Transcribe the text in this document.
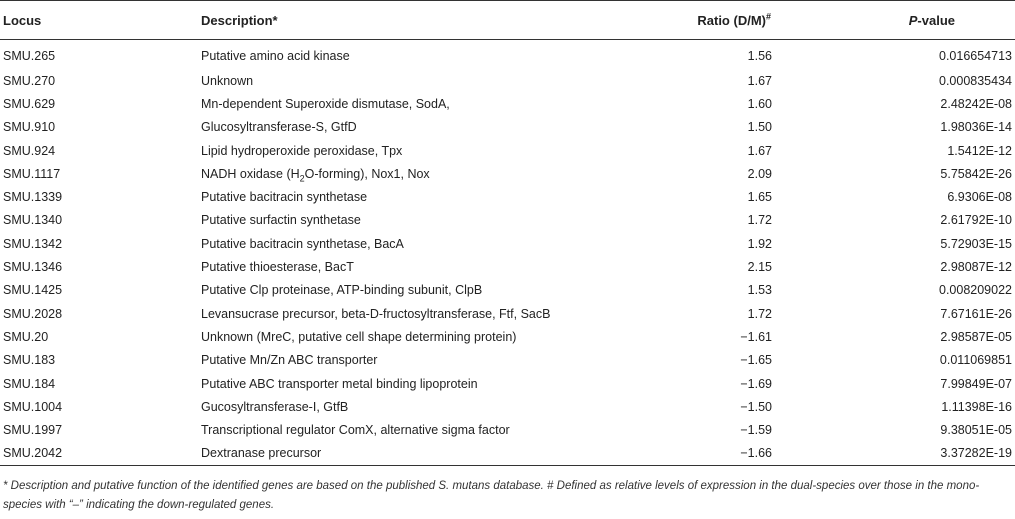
Locus	Description*	Ratio (D/M)#	P-value
SMU.265	Putative amino acid kinase	1.56	0.016654713
SMU.270	Unknown	1.67	0.000835434
SMU.629	Mn-dependent Superoxide dismutase, SodA,	1.60	2.48242E-08
SMU.910	Glucosyltransferase-S, GtfD	1.50	1.98036E-14
SMU.924	Lipid hydroperoxide peroxidase, Tpx	1.67	1.5412E-12
SMU.1117	NADH oxidase $(H_2O-forming)$, Nox1, Nox	2.09	5.75842E-26
SMU.1339	Putative bacitracin synthetase	1.65	6.9306E-08
SMU.1340	Putative surfactin synthetase	1.72	2.61792E-10
SMU.1342	Putative bacitracin synthetase, BacA	1.92	5.72903E-15
SMU.1346	Putative thioesterase, BacT	2.15	2.98087E-12
SMU.1425	Putative Clp proteinase, ATP-binding subunit, ClpB	1.53	0.008209022
SMU.2028	Levansucrase precursor, beta-D-fructosyltransferase, Ftf, SacB	1.72	7.67161E-26
SMU.20	Unknown (MreC, putative cell shape determining protein)	−1.61	2.98587E-05
SMU.183	Putative Mn/Zn ABC transporter	−1.65	0.011069851
SMU.184	Putative ABC transporter metal binding lipoprotein	−1.69	7.99849E-07
SMU.1004	Gucosyltransferase-I, GtfB	−1.50	1.11398E-16
SMU.1997	Transcriptional regulator ComX, alternative sigma factor	−1.59	9.38051E-05
SMU.2042	Dextranase precursor	−1.66	3.37282E-19
* Description and putative function of the identified genes are based on the published S. mutans database. # Defined as relative levels of expression in the dual-species over those in the mono-species with “–” indicating the down-regulated genes.
